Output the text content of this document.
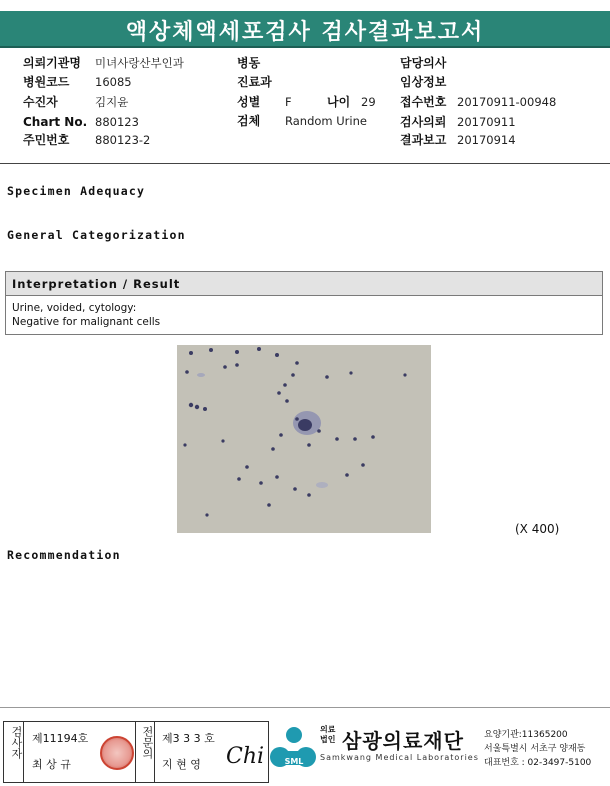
액상체액세포검사 검사결과보고서
의뢰기관명 미녀사랑산부인과
병원코드 16085
수진자	김지윤
Chart No. 880123
주민번호 880123-2
병동
진료과
성별 F	나이 29
검체 Random Urine
담당의사
임상정보
접수번호 20170911-00948
검사의뢰 20170911
결과보고 20170914
Specimen Adequacy
General Categorization
Interpretation / Result
Urine, voided, cytology:
Negative for malignant cells
(X 400)
Recommendation
검사자 제11194호
최 상 규
전문의 제3 3 3 호
지 현 영 Chi	SML
의료
법인 삼광의료재단
Samkwang Medical Laboratories
요양기관:11365200
서울특별시 서초구 양재동
대표번호 : 02-3497-5100
